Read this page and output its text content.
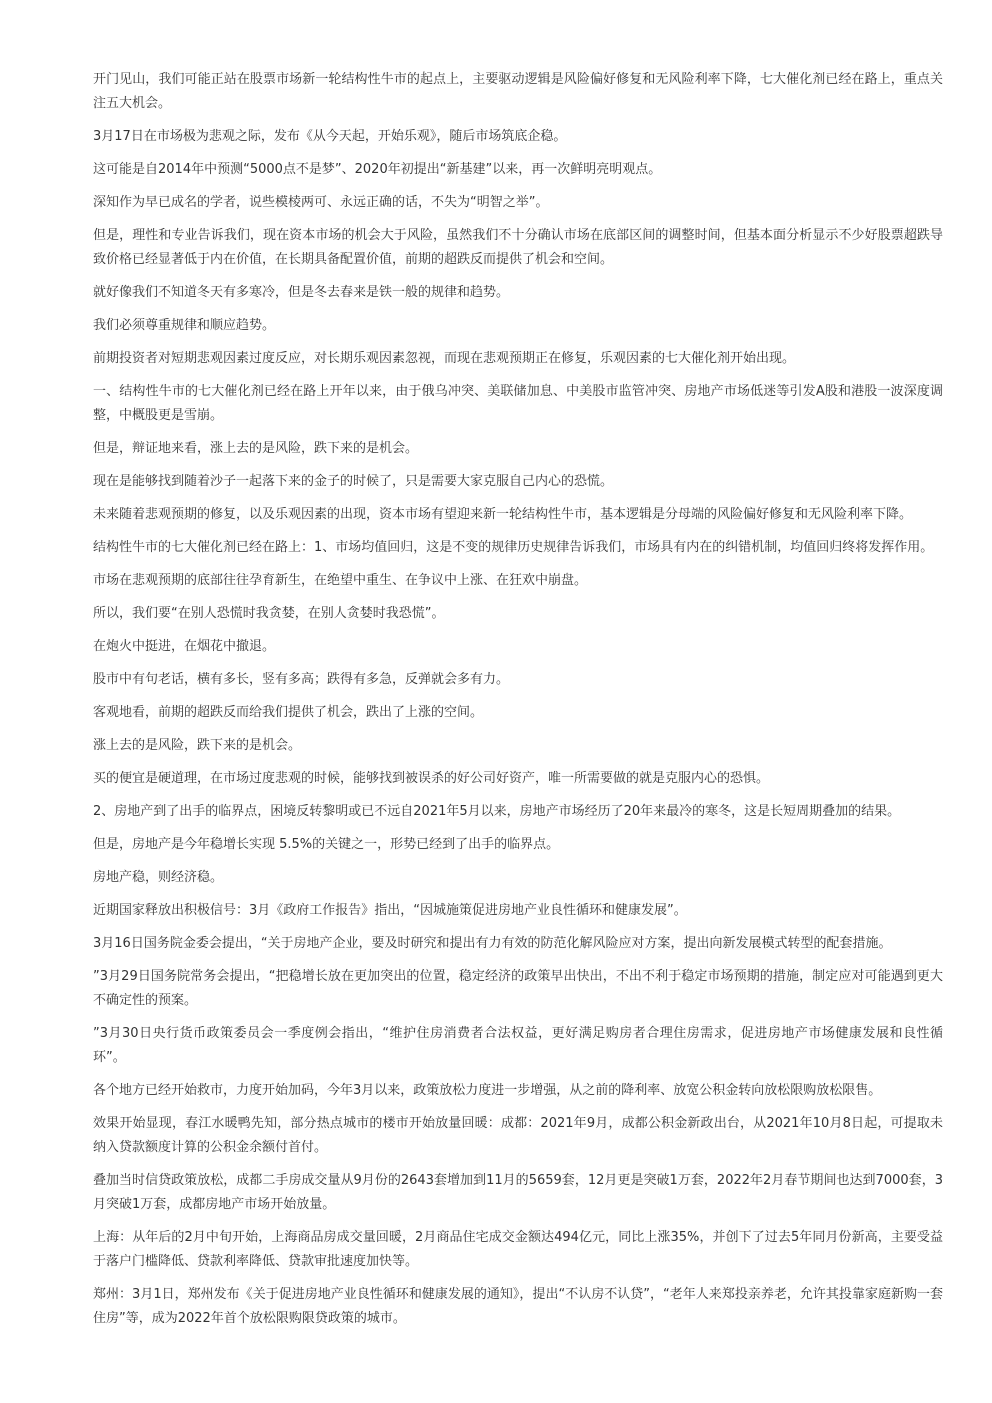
开门见山，我们可能正站在股票市场新一轮结构性牛市的起点上，主要驱动逻辑是风险偏好修复和无风险利率下降，七大催化剂已经在路上，重点关注五大机会。

3月17日在市场极为悲观之际，发布《从今天起，开始乐观》，随后市场筑底企稳。

这可能是自2014年中预测“5000点不是梦”、2020年初提出“新基建”以来，再一次鲜明亮明观点。

深知作为早已成名的学者，说些模棱两可、永远正确的话，不失为“明智之举”。

但是，理性和专业告诉我们，现在资本市场的机会大于风险，虽然我们不十分确认市场在底部区间的调整时间，但基本面分析显示不少好股票超跌导致价格已经显著低于内在价值，在长期具备配置价值，前期的超跌反而提供了机会和空间。

就好像我们不知道冬天有多寒冷，但是冬去春来是铁一般的规律和趋势。

我们必须尊重规律和顺应趋势。

前期投资者对短期悲观因素过度反应，对长期乐观因素忽视，而现在悲观预期正在修复，乐观因素的七大催化剂开始出现。

一、结构性牛市的七大催化剂已经在路上开年以来，由于俄乌冲突、美联储加息、中美股市监管冲突、房地产市场低迷等引发A股和港股一波深度调整，中概股更是雪崩。

但是，辩证地来看，涨上去的是风险，跌下来的是机会。

现在是能够找到随着沙子一起落下来的金子的时候了，只是需要大家克服自己内心的恐慌。

未来随着悲观预期的修复，以及乐观因素的出现，资本市场有望迎来新一轮结构性牛市，基本逻辑是分母端的风险偏好修复和无风险利率下降。

结构性牛市的七大催化剂已经在路上：1、市场均值回归，这是不变的规律历史规律告诉我们，市场具有内在的纠错机制，均值回归终将发挥作用。

市场在悲观预期的底部往往孕育新生，在绝望中重生、在争议中上涨、在狂欢中崩盘。

所以，我们要“在别人恐慌时我贪婪，在别人贪婪时我恐慌”。

在炮火中挺进，在烟花中撤退。

股市中有句老话，横有多长，竖有多高；跌得有多急，反弹就会多有力。

客观地看，前期的超跌反而给我们提供了机会，跌出了上涨的空间。

涨上去的是风险，跌下来的是机会。

买的便宜是硬道理，在市场过度悲观的时候，能够找到被误杀的好公司好资产，唯一所需要做的就是克服内心的恐惧。

2、房地产到了出手的临界点，困境反转黎明或已不远自2021年5月以来，房地产市场经历了20年来最冷的寒冬，这是长短周期叠加的结果。

但是，房地产是今年稳增长实现 5.5%的关键之一，形势已经到了出手的临界点。

房地产稳，则经济稳。

近期国家释放出积极信号：3月《政府工作报告》指出，“因城施策促进房地产业良性循环和健康发展”。

3月16日国务院金委会提出，“关于房地产企业，要及时研究和提出有力有效的防范化解风险应对方案，提出向新发展模式转型的配套措施。

”3月29日国务院常务会提出，“把稳增长放在更加突出的位置，稳定经济的政策早出快出，不出不利于稳定市场预期的措施，制定应对可能遇到更大不确定性的预案。

”3月30日央行货币政策委员会一季度例会指出，“维护住房消费者合法权益，更好满足购房者合理住房需求，促进房地产市场健康发展和良性循环”。

各个地方已经开始救市，力度开始加码，今年3月以来，政策放松力度进一步增强，从之前的降利率、放宽公积金转向放松限购放松限售。

效果开始显现，春江水暖鸭先知，部分热点城市的楼市开始放量回暖：成都：2021年9月，成都公积金新政出台，从2021年10月8日起，可提取未纳入贷款额度计算的公积金余额付首付。

叠加当时信贷政策放松，成都二手房成交量从9月份的2643套增加到11月的5659套，12月更是突破1万套，2022年2月春节期间也达到7000套，3月突破1万套，成都房地产市场开始放量。

上海：从年后的2月中旬开始，上海商品房成交量回暖，2月商品住宅成交金额达494亿元，同比上涨35%，并创下了过去5年同月份新高，主要受益于落户门槛降低、贷款利率降低、贷款审批速度加快等。

郑州：3月1日，郑州发布《关于促进房地产业良性循环和健康发展的通知》，提出“不认房不认贷”，“老年人来郑投亲养老，允许其投靠家庭新购一套住房”等，成为2022年首个放松限购限贷政策的城市。
